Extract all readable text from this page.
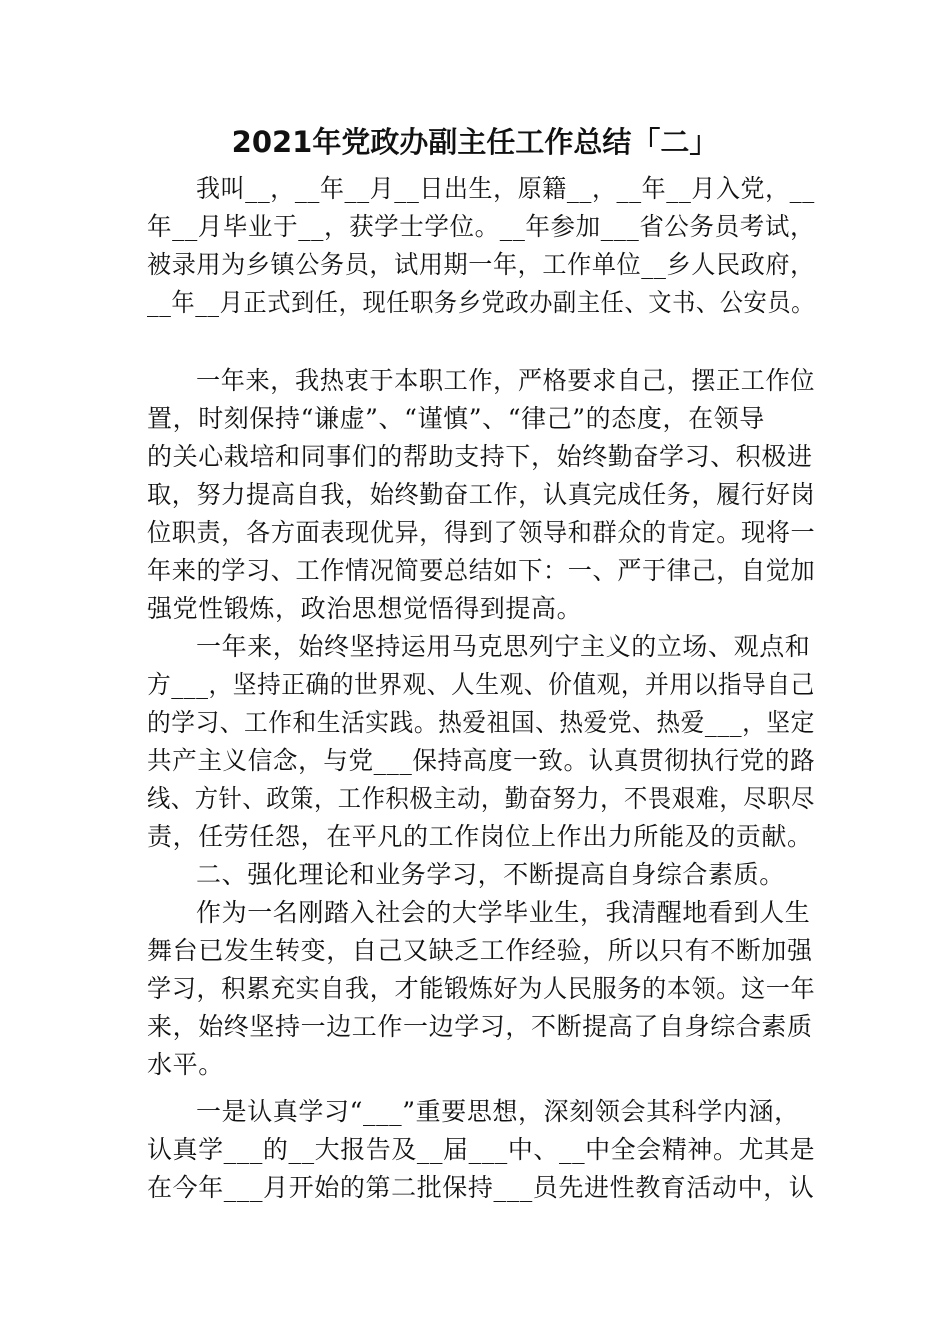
2021年党政办副主任工作总结「二」
我叫__，__年__月__日出生，原籍__，__年__月入党，__
年__月毕业于__，获学士学位。__年参加___省公务员考试，
被录用为乡镇公务员，试用期一年，工作单位__乡人民政府，
__年__月正式到任，现任职务乡党政办副主任、文书、公安员。
一年来，我热衷于本职工作，严格要求自己，摆正工作位
置，时刻保持“谦虚”、“谨慎”、“律己”的态度，在领导
的关心栽培和同事们的帮助支持下，始终勤奋学习、积极进
取，努力提高自我，始终勤奋工作，认真完成任务，履行好岗
位职责，各方面表现优异，得到了领导和群众的肯定。现将一
年来的学习、工作情况简要总结如下：一、严于律己，自觉加
强党性锻炼，政治思想觉悟得到提高。
一年来，始终坚持运用马克思列宁主义的立场、观点和
方___，坚持正确的世界观、人生观、价值观，并用以指导自己
的学习、工作和生活实践。热爱祖国、热爱党、热爱___，坚定
共产主义信念，与党___保持高度一致。认真贯彻执行党的路
线、方针、政策，工作积极主动，勤奋努力，不畏艰难，尽职尽
责，任劳任怨，在平凡的工作岗位上作出力所能及的贡献。
二、强化理论和业务学习，不断提高自身综合素质。
作为一名刚踏入社会的大学毕业生，我清醒地看到人生
舞台已发生转变，自己又缺乏工作经验，所以只有不断加强
学习，积累充实自我，才能锻炼好为人民服务的本领。这一年
来，始终坚持一边工作一边学习，不断提高了自身综合素质
水平。
一是认真学习“___”重要思想，深刻领会其科学内涵，
认真学___的__大报告及__届___中、__中全会精神。尤其是
在今年___月开始的第二批保持___员先进性教育活动中，认
